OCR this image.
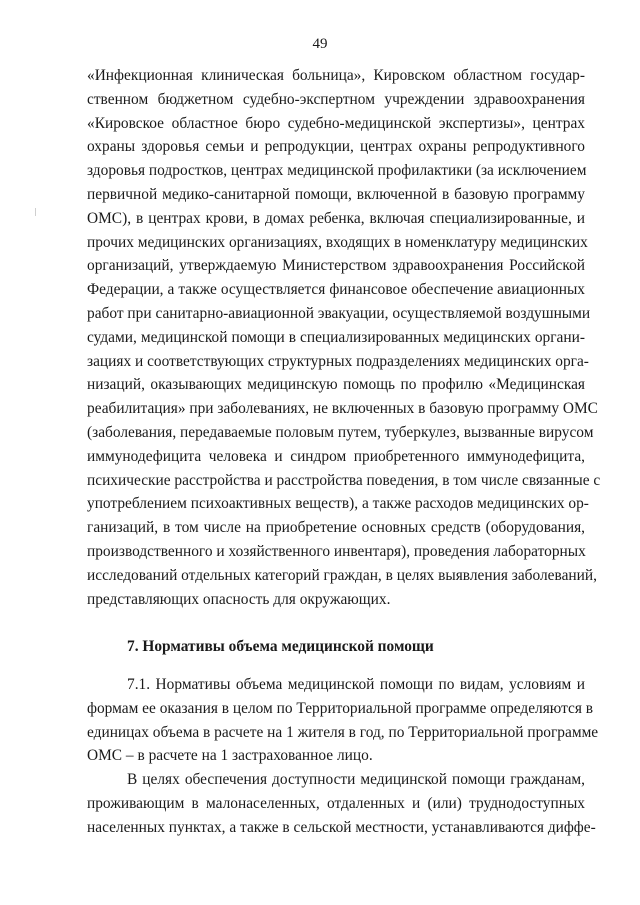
49
«Инфекционная клиническая больница», Кировском областном государ-
ственном бюджетном судебно-экспертном учреждении здравоохранения
«Кировское областное бюро судебно-медицинской экспертизы», центрах
охраны здоровья семьи и репродукции, центрах охраны репродуктивного
здоровья подростков, центрах медицинской профилактики (за исключением
первичной медико-санитарной помощи, включенной в базовую программу
ОМС), в центрах крови, в домах ребенка, включая специализированные, и
прочих медицинских организациях, входящих в номенклатуру медицинских
организаций, утверждаемую Министерством здравоохранения Российской
Федерации, а также осуществляется финансовое обеспечение авиационных
работ при санитарно-авиационной эвакуации, осуществляемой воздушными
судами, медицинской помощи в специализированных медицинских органи-
зациях и соответствующих структурных подразделениях медицинских орга-
низаций, оказывающих медицинскую помощь по профилю «Медицинская
реабилитация» при заболеваниях, не включенных в базовую программу ОМС
(заболевания, передаваемые половым путем, туберкулез, вызванные вирусом
иммунодефицита человека и синдром приобретенного иммунодефицита,
психические расстройства и расстройства поведения, в том числе связанные с
употреблением психоактивных веществ), а также расходов медицинских ор-
ганизаций, в том числе на приобретение основных средств (оборудования,
производственного и хозяйственного инвентаря), проведения лабораторных
исследований отдельных категорий граждан, в целях выявления заболеваний,
представляющих опасность для окружающих.
7. Нормативы объема медицинской помощи
7.1. Нормативы объема медицинской помощи по видам, условиям и
формам ее оказания в целом по Территориальной программе определяются в
единицах объема в расчете на 1 жителя в год, по Территориальной программе
ОМС – в расчете на 1 застрахованное лицо.
В целях обеспечения доступности медицинской помощи гражданам,
проживающим в малонаселенных, отдаленных и (или) труднодоступных
населенных пунктах, а также в сельской местности, устанавливаются диффе-
